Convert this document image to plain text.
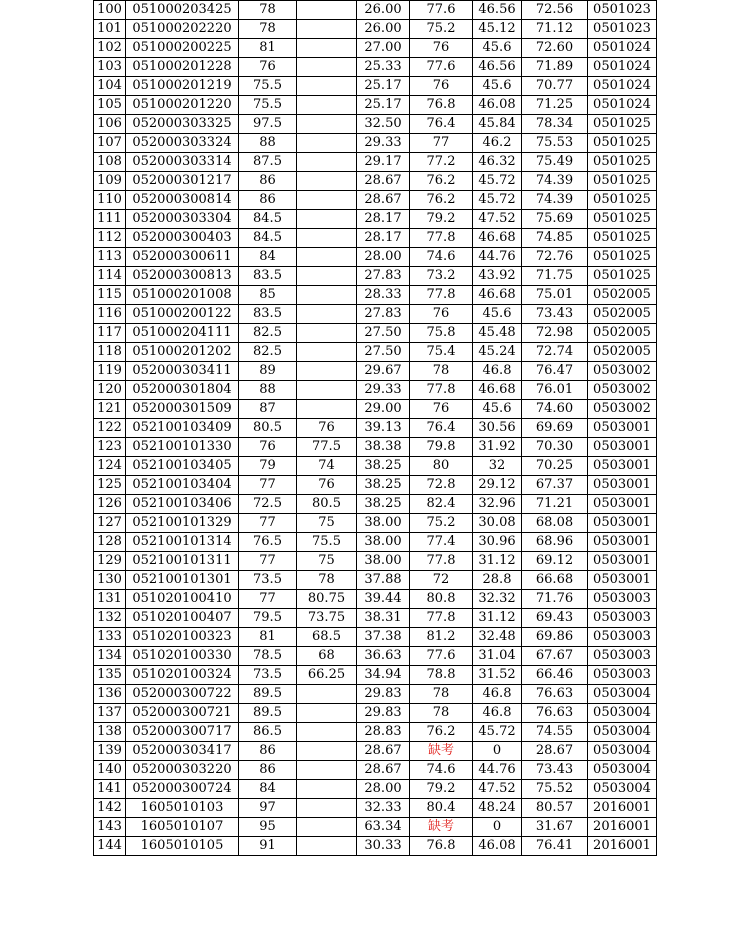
100	051000203425	78		26.00	77.6	46.56	72.56	0501023
101	051000202220	78		26.00	75.2	45.12	71.12	0501023
102	051000200225	81		27.00	76	45.6	72.60	0501024
103	051000201228	76		25.33	77.6	46.56	71.89	0501024
104	051000201219	75.5		25.17	76	45.6	70.77	0501024
105	051000201220	75.5		25.17	76.8	46.08	71.25	0501024
106	052000303325	97.5		32.50	76.4	45.84	78.34	0501025
107	052000303324	88		29.33	77	46.2	75.53	0501025
108	052000303314	87.5		29.17	77.2	46.32	75.49	0501025
109	052000301217	86		28.67	76.2	45.72	74.39	0501025
110	052000300814	86		28.67	76.2	45.72	74.39	0501025
111	052000303304	84.5		28.17	79.2	47.52	75.69	0501025
112	052000300403	84.5		28.17	77.8	46.68	74.85	0501025
113	052000300611	84		28.00	74.6	44.76	72.76	0501025
114	052000300813	83.5		27.83	73.2	43.92	71.75	0501025
115	051000201008	85		28.33	77.8	46.68	75.01	0502005
116	051000200122	83.5		27.83	76	45.6	73.43	0502005
117	051000204111	82.5		27.50	75.8	45.48	72.98	0502005
118	051000201202	82.5		27.50	75.4	45.24	72.74	0502005
119	052000303411	89		29.67	78	46.8	76.47	0503002
120	052000301804	88		29.33	77.8	46.68	76.01	0503002
121	052000301509	87		29.00	76	45.6	74.60	0503002
122	052100103409	80.5	76	39.13	76.4	30.56	69.69	0503001
123	052100101330	76	77.5	38.38	79.8	31.92	70.30	0503001
124	052100103405	79	74	38.25	80	32	70.25	0503001
125	052100103404	77	76	38.25	72.8	29.12	67.37	0503001
126	052100103406	72.5	80.5	38.25	82.4	32.96	71.21	0503001
127	052100101329	77	75	38.00	75.2	30.08	68.08	0503001
128	052100101314	76.5	75.5	38.00	77.4	30.96	68.96	0503001
129	052100101311	77	75	38.00	77.8	31.12	69.12	0503001
130	052100101301	73.5	78	37.88	72	28.8	66.68	0503001
131	051020100410	77	80.75	39.44	80.8	32.32	71.76	0503003
132	051020100407	79.5	73.75	38.31	77.8	31.12	69.43	0503003
133	051020100323	81	68.5	37.38	81.2	32.48	69.86	0503003
134	051020100330	78.5	68	36.63	77.6	31.04	67.67	0503003
135	051020100324	73.5	66.25	34.94	78.8	31.52	66.46	0503003
136	052000300722	89.5		29.83	78	46.8	76.63	0503004
137	052000300721	89.5		29.83	78	46.8	76.63	0503004
138	052000300717	86.5		28.83	76.2	45.72	74.55	0503004
139	052000303417	86		28.67	缺考	0	28.67	0503004
140	052000303220	86		28.67	74.6	44.76	73.43	0503004
141	052000300724	84		28.00	79.2	47.52	75.52	0503004
142	1605010103	97		32.33	80.4	48.24	80.57	2016001
143	1605010107	95		63.34	缺考	0	31.67	2016001
144	1605010105	91		30.33	76.8	46.08	76.41	2016001
